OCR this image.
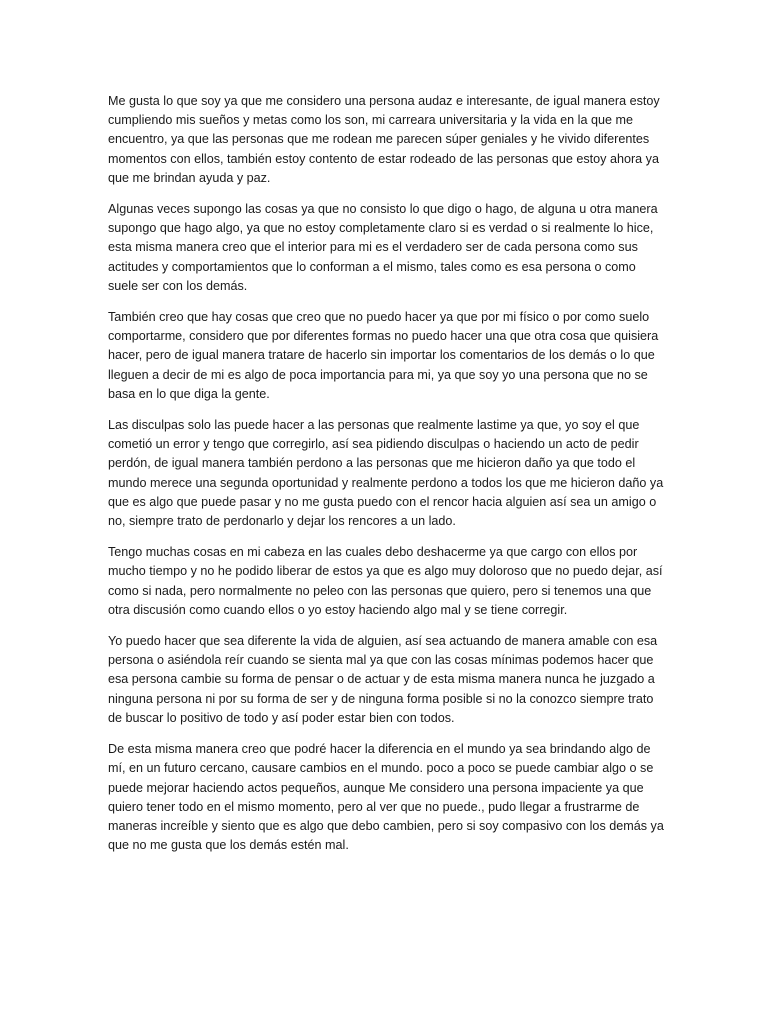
Me gusta lo que soy ya que me considero una persona audaz e interesante, de igual manera estoy cumpliendo mis sueños y metas como los son, mi carreara universitaria y la vida en la que me encuentro, ya que las personas que me rodean me parecen súper geniales y he vivido diferentes momentos con ellos, también estoy contento de estar rodeado de las personas que estoy ahora ya que me brindan ayuda y paz.

Algunas veces supongo las cosas ya que no consisto lo que digo o hago, de alguna u otra manera supongo que hago algo, ya que no estoy completamente claro si es verdad o si realmente lo hice, esta misma manera creo que el interior para mi es el verdadero ser de cada persona como sus actitudes y comportamientos que lo conforman a el mismo, tales como es esa persona o como suele ser con los demás.

También creo que hay cosas que creo que no puedo hacer ya que por mi físico o por como suelo comportarme, considero que por diferentes formas no puedo hacer una que otra cosa que quisiera hacer, pero de igual manera tratare de hacerlo sin importar los comentarios de los demás o lo que lleguen a decir de mi es algo de poca importancia para mi, ya que soy yo una persona que no se basa en lo que diga la gente.

Las disculpas solo las puede hacer a las personas que realmente lastime ya que, yo soy el que cometió un error y tengo que corregirlo, así sea pidiendo disculpas o haciendo un acto de pedir perdón, de igual manera también perdono a las personas que me hicieron daño ya que todo el mundo merece una segunda oportunidad y realmente perdono a todos los que me hicieron daño ya que es algo que puede pasar y no me gusta puedo con el rencor hacia alguien así sea un amigo o no, siempre trato de perdonarlo y dejar los rencores a un lado.

Tengo muchas cosas en mi cabeza en las cuales debo deshacerme ya que cargo con ellos por mucho tiempo y no he podido liberar de estos ya que es algo muy doloroso que no puedo dejar, así como si nada, pero normalmente no peleo con las personas que quiero, pero si tenemos una que otra discusión como cuando ellos o yo estoy haciendo algo mal y se tiene corregir.

Yo puedo hacer que sea diferente la vida de alguien, así sea actuando de manera amable con esa persona o asiéndola reír cuando se sienta mal ya que con las cosas mínimas podemos hacer que esa persona cambie su forma de pensar o de actuar y de esta misma manera nunca he juzgado a ninguna persona ni por su forma de ser y de ninguna forma posible si no la conozco siempre trato de buscar lo positivo de todo y así poder estar bien con todos.

De esta misma manera creo que podré hacer la diferencia en el mundo ya sea brindando algo de mí, en un futuro cercano, causare cambios en el mundo. poco a poco se puede cambiar algo o se puede mejorar haciendo actos pequeños, aunque Me considero una persona impaciente ya que quiero tener todo en el mismo momento, pero al ver que no puede., pudo llegar a frustrarme de maneras increíble y siento que es algo que debo cambien, pero si soy compasivo con los demás ya que no me gusta que los demás estén mal.
